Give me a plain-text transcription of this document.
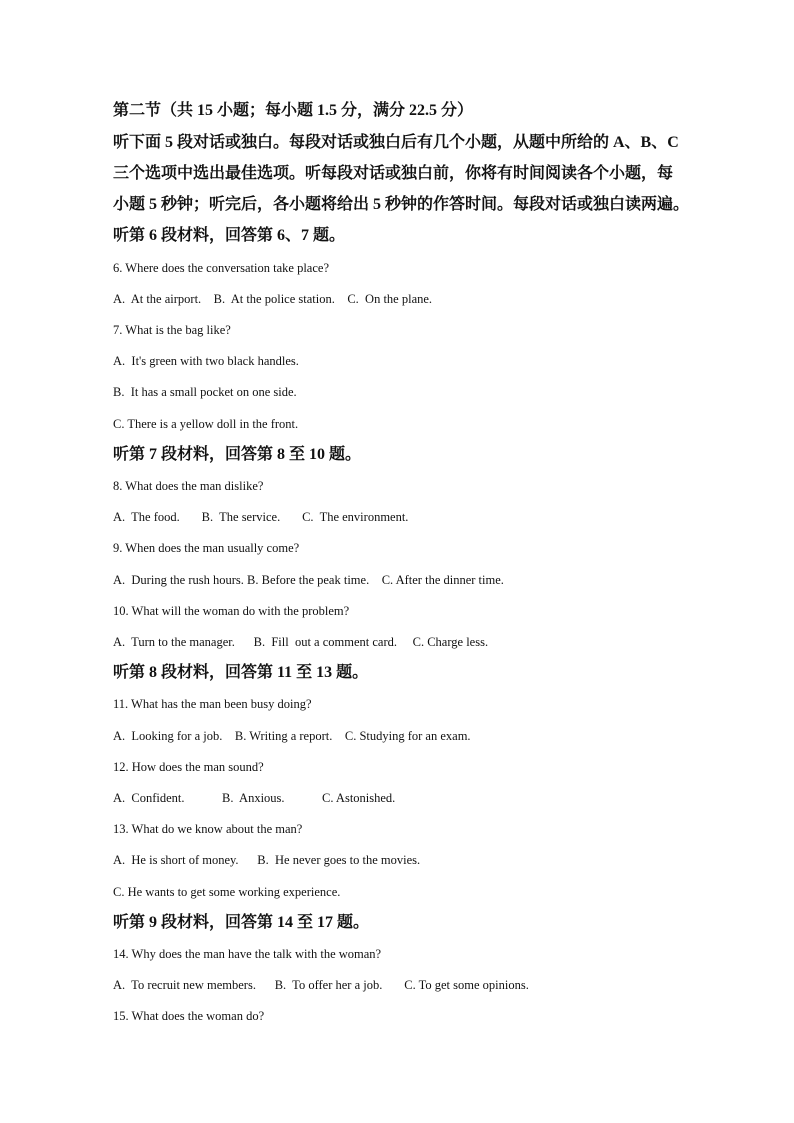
第二节（共 15 小题；每小题 1.5 分，满分 22.5 分）
听下面 5 段对话或独白。每段对话或独白后有几个小题，从题中所给的 A、B、C
三个选项中选出最佳选项。听每段对话或独白前，你将有时间阅读各个小题，每
小题 5 秒钟；听完后，各小题将给出 5 秒钟的作答时间。每段对话或独白读两遍。
听第 6 段材料，回答第 6、7 题。
6. Where does the conversation take place?
A.  At the airport.    B.  At the police station.    C.  On the plane.
7. What is the bag like?
A.  It's green with two black handles.
B.  It has a small pocket on one side.
C. There is a yellow doll in the front.
听第 7 段材料，回答第 8 至 10 题。
8. What does the man dislike?
A.  The food.       B.  The service.       C.  The environment.
9. When does the man usually come?
A.  During the rush hours. B. Before the peak time.    C. After the dinner time.
10. What will the woman do with the problem?
A.  Turn to the manager.      B.  Fill  out a comment card.     C. Charge less.
听第 8 段材料，回答第 11 至 13 题。
11. What has the man been busy doing?
A.  Looking for a job.    B. Writing a report.    C. Studying for an exam.
12. How does the man sound?
A.  Confident.            B.  Anxious.            C. Astonished.
13. What do we know about the man?
A.  He is short of money.      B.  He never goes to the movies.
C. He wants to get some working experience.
听第 9 段材料，回答第 14 至 17 题。
14. Why does the man have the talk with the woman?
A.  To recruit new members.      B.  To offer her a job.       C. To get some opinions.
15. What does the woman do?
